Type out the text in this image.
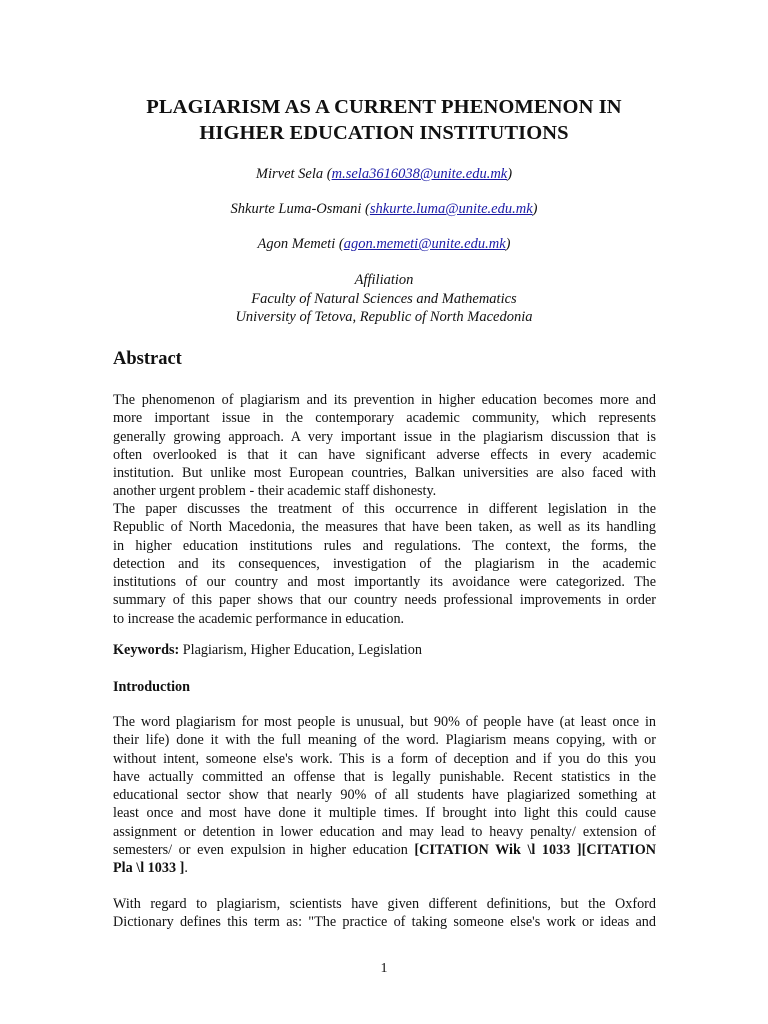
PLAGIARISM AS A CURRENT PHENOMENON IN
HIGHER EDUCATION INSTITUTIONS
Mirvet Sela (m.sela3616038@unite.edu.mk)
Shkurte Luma-Osmani (shkurte.luma@unite.edu.mk)
Agon Memeti (agon.memeti@unite.edu.mk)
Affiliation
Faculty of Natural Sciences and Mathematics
University of Tetova, Republic of North Macedonia
Abstract
The phenomenon of plagiarism and its prevention in higher education becomes more and
more important issue in the contemporary academic community, which represents
generally growing approach. A very important issue in the plagiarism discussion that is
often overlooked is that it can have significant adverse effects in every academic
institution. But unlike most European countries, Balkan universities are also faced with
another urgent problem - their academic staff dishonesty.
The paper discusses the treatment of this occurrence in different legislation in the
Republic of North Macedonia, the measures that have been taken, as well as its handling
in higher education institutions rules and regulations. The context, the forms, the
detection and its consequences, investigation of the plagiarism in the academic
institutions of our country and most importantly its avoidance were categorized. The
summary of this paper shows that our country needs professional improvements in order
to increase the academic performance in education.
Keywords: Plagiarism, Higher Education, Legislation
Introduction
The word plagiarism for most people is unusual, but 90% of people have (at least once in
their life) done it with the full meaning of the word. Plagiarism means copying, with or
without intent, someone else's work. This is a form of deception and if you do this you
have actually committed an offense that is legally punishable. Recent statistics in the
educational sector show that nearly 90% of all students have plagiarized something at
least once and most have done it multiple times. If brought into light this could cause
assignment or detention in lower education and may lead to heavy penalty/ extension of
semesters/ or even expulsion in higher education [CITATION Wik \l 1033 ][CITATION
Pla \l 1033 ].
With regard to plagiarism, scientists have given different definitions, but the Oxford
Dictionary defines this term as: "The practice of taking someone else's work or ideas and
1
